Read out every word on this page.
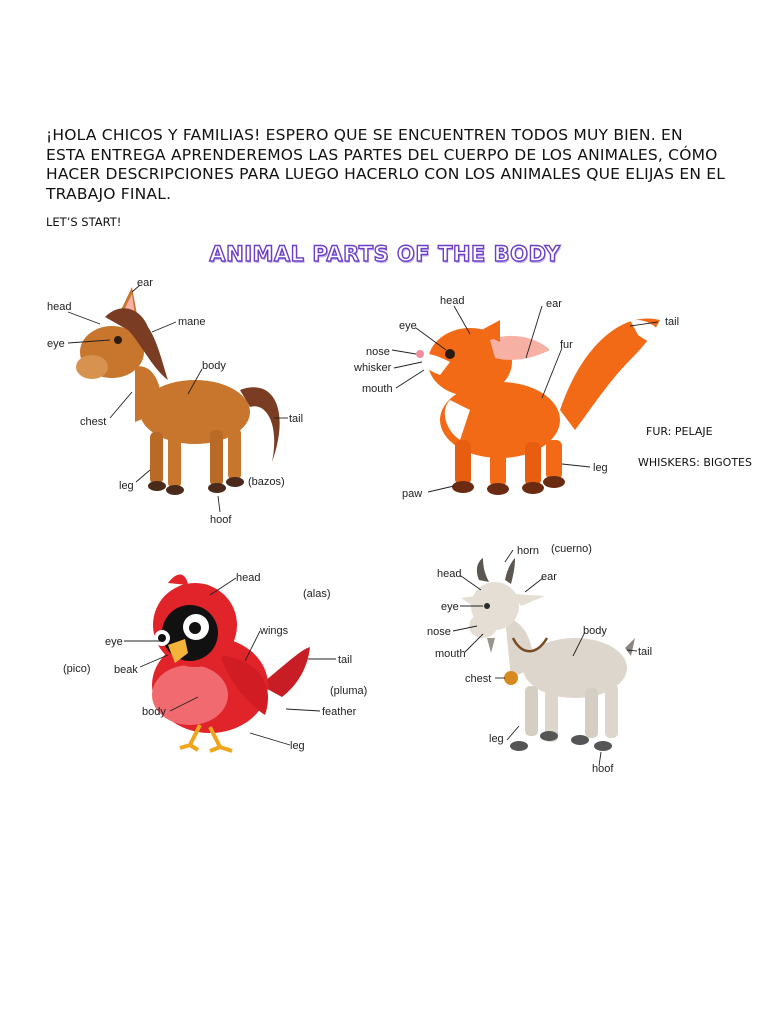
¡HOLA CHICOS Y FAMILIAS! ESPERO QUE SE ENCUENTREN TODOS MUY BIEN. EN ESTA ENTREGA APRENDEREMOS LAS PARTES DEL CUERPO DE LOS ANIMALES, CÓMO HACER DESCRIPCIONES PARA LUEGO HACERLO CON LOS ANIMALES QUE ELIJAS EN EL TRABAJO FINAL.

LET’S START!

ANIMAL PARTS OF THE BODY

FUR: PELAJE

WHISKERS: BIGOTES

head
ear
mane
eye
body
chest	tail
leg	(bazos)
hoof
head	ear
eye	tail
nose
fur
whisker
mouth
leg
paw
head
(alas)
eye
wings
(pico) beak
tail
(pluma)
body	feather
leg
horn (cuerno)
head	ear
eye
nose	body
mouth	tail
chest
leg
hoof
